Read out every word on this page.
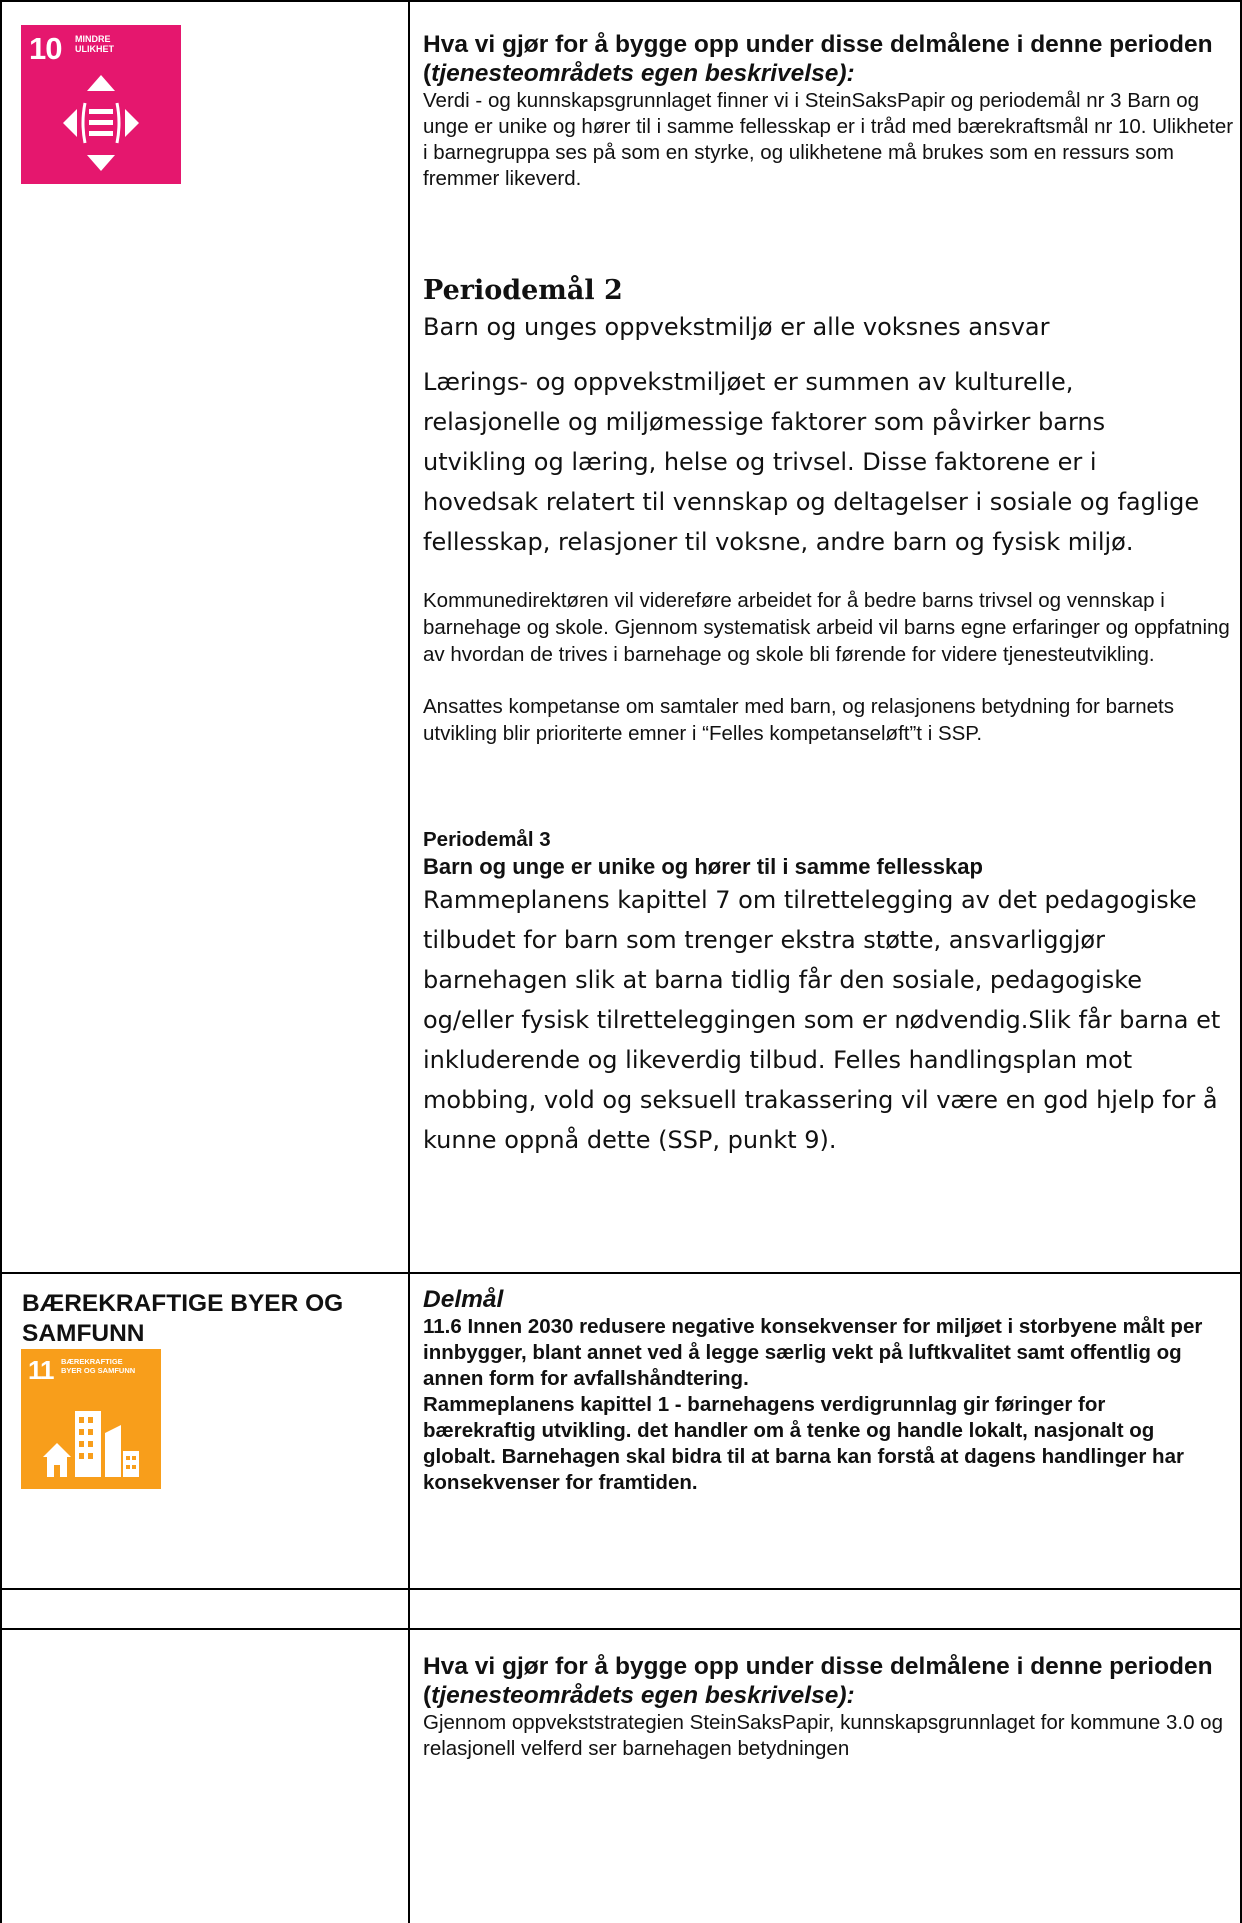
10 MINDRE
ULIKHET	Hva vi gjør for å bygge opp under disse delmålene i denne perioden (tjenesteområdets egen beskrivelse):

Verdi - og kunnskapsgrunnlaget finner vi i SteinSaksPapir og periodemål nr 3 Barn og unge er unike og hører til i samme fellesskap er i tråd med bærekraftsmål nr 10. Ulikheter i barnegruppa ses på som en styrke, og ulikhetene må brukes som en ressurs som fremmer likeverd.

Periodemål 2

Barn og unges oppvekstmiljø er alle voksnes ansvar

Lærings- og oppvekstmiljøet er summen av kulturelle, relasjonelle og miljømessige faktorer som påvirker barns utvikling og læring, helse og trivsel. Disse faktorene er i hovedsak relatert til vennskap og deltagelser i sosiale og faglige fellesskap, relasjoner til voksne, andre barn og fysisk miljø.

Kommunedirektøren vil videreføre arbeidet for å bedre barns trivsel og vennskap i barnehage og skole. Gjennom systematisk arbeid vil barns egne erfaringer og oppfatning av hvordan de trives i barnehage og skole bli førende for videre tjenesteutvikling.

Ansattes kompetanse om samtaler med barn, og relasjonens betydning for barnets utvikling blir prioriterte emner i “Felles kompetanseløft”t i SSP.

Periodemål 3

Barn og unge er unike og hører til i samme fellesskap

Rammeplanens kapittel 7 om tilrettelegging av det pedagogiske tilbudet for barn som trenger ekstra støtte, ansvarliggjør barnehagen slik at barna tidlig får den sosiale, pedagogiske og/eller fysisk tilretteleggingen som er nødvendig.Slik får barna et inkluderende og likeverdig tilbud. Felles handlingsplan mot mobbing, vold og seksuell trakassering vil være en god hjelp for å kunne oppnå dette (SSP, punkt 9).

BÆREKRAFTIGE BYER OG SAMFUNN

11 BÆREKRAFTIGE
BYER OG SAMFUNN

Delmål

11.6 Innen 2030 redusere negative konsekvenser for miljøet i storbyene målt per innbygger, blant annet ved å legge særlig vekt på luftkvalitet samt offentlig og annen form for avfallshåndtering.

Rammeplanens kapittel 1 - barnehagens verdigrunnlag gir føringer for bærekraftig utvikling. det handler om å tenke og handle lokalt, nasjonalt og globalt. Barnehagen skal bidra til at barna kan forstå at dagens handlinger har konsekvenser for framtiden.

Hva vi gjør for å bygge opp under disse delmålene i denne perioden (tjenesteområdets egen beskrivelse):

Gjennom oppvekststrategien SteinSaksPapir, kunnskapsgrunnlaget for kommune 3.0 og relasjonell velferd ser barnehagen betydningen
